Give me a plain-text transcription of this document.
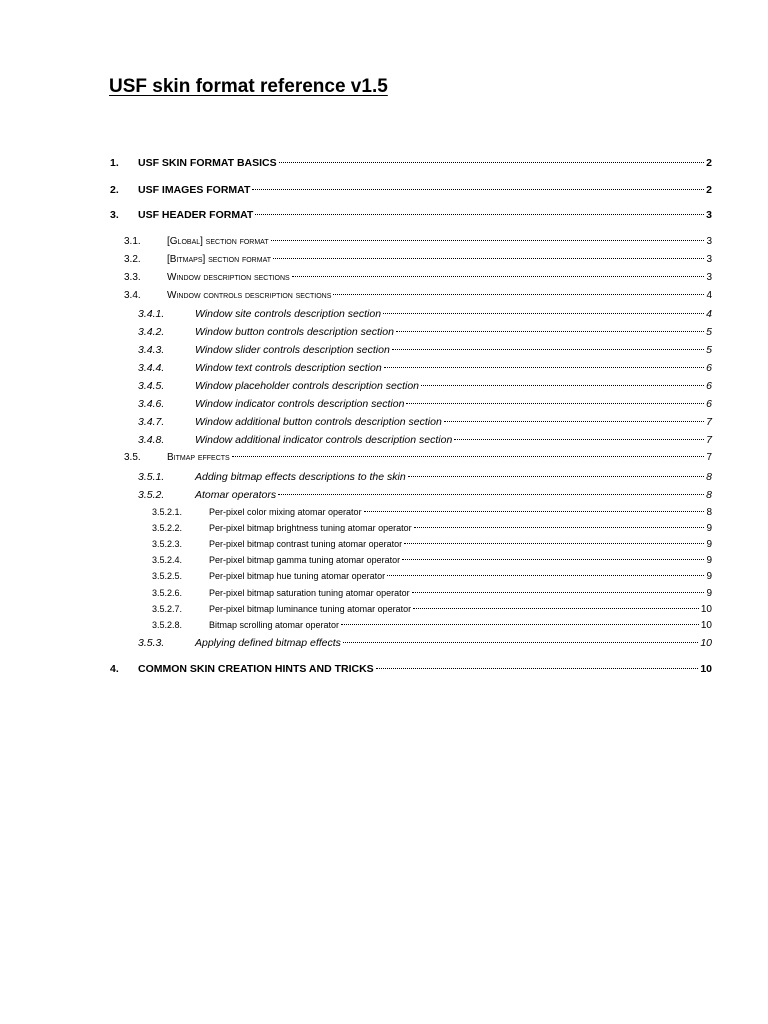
USF skin format reference v1.5
1.	USF SKIN FORMAT BASICS	2
2.	USF IMAGES FORMAT	2
3.	USF HEADER FORMAT	3
3.1.	[Global] section format	3
3.2.	[Bitmaps] section format	3
3.3.	Window description sections	3
3.4.	Window controls description sections	4
3.4.1.	Window site controls description section	4
3.4.2.	Window button controls description section	5
3.4.3.	Window slider controls description section	5
3.4.4.	Window text controls description section	6
3.4.5.	Window placeholder controls description section	6
3.4.6.	Window indicator controls description section	6
3.4.7.	Window additional button controls description section	7
3.4.8.	Window additional indicator controls description section	7
3.5.	Bitmap effects	7
3.5.1.	Adding bitmap effects descriptions to the skin	8
3.5.2.	Atomar operators	8
3.5.2.1.	Per-pixel color mixing atomar operator	8
3.5.2.2.	Per-pixel bitmap brightness tuning atomar operator	9
3.5.2.3.	Per-pixel bitmap contrast tuning atomar operator	9
3.5.2.4.	Per-pixel bitmap gamma tuning atomar operator	9
3.5.2.5.	Per-pixel bitmap hue tuning atomar operator	9
3.5.2.6.	Per-pixel bitmap saturation tuning atomar operator	9
3.5.2.7.	Per-pixel bitmap luminance tuning atomar operator	10
3.5.2.8.	Bitmap scrolling atomar operator	10
3.5.3.	Applying defined bitmap effects	10
4.	COMMON SKIN CREATION HINTS AND TRICKS	10
